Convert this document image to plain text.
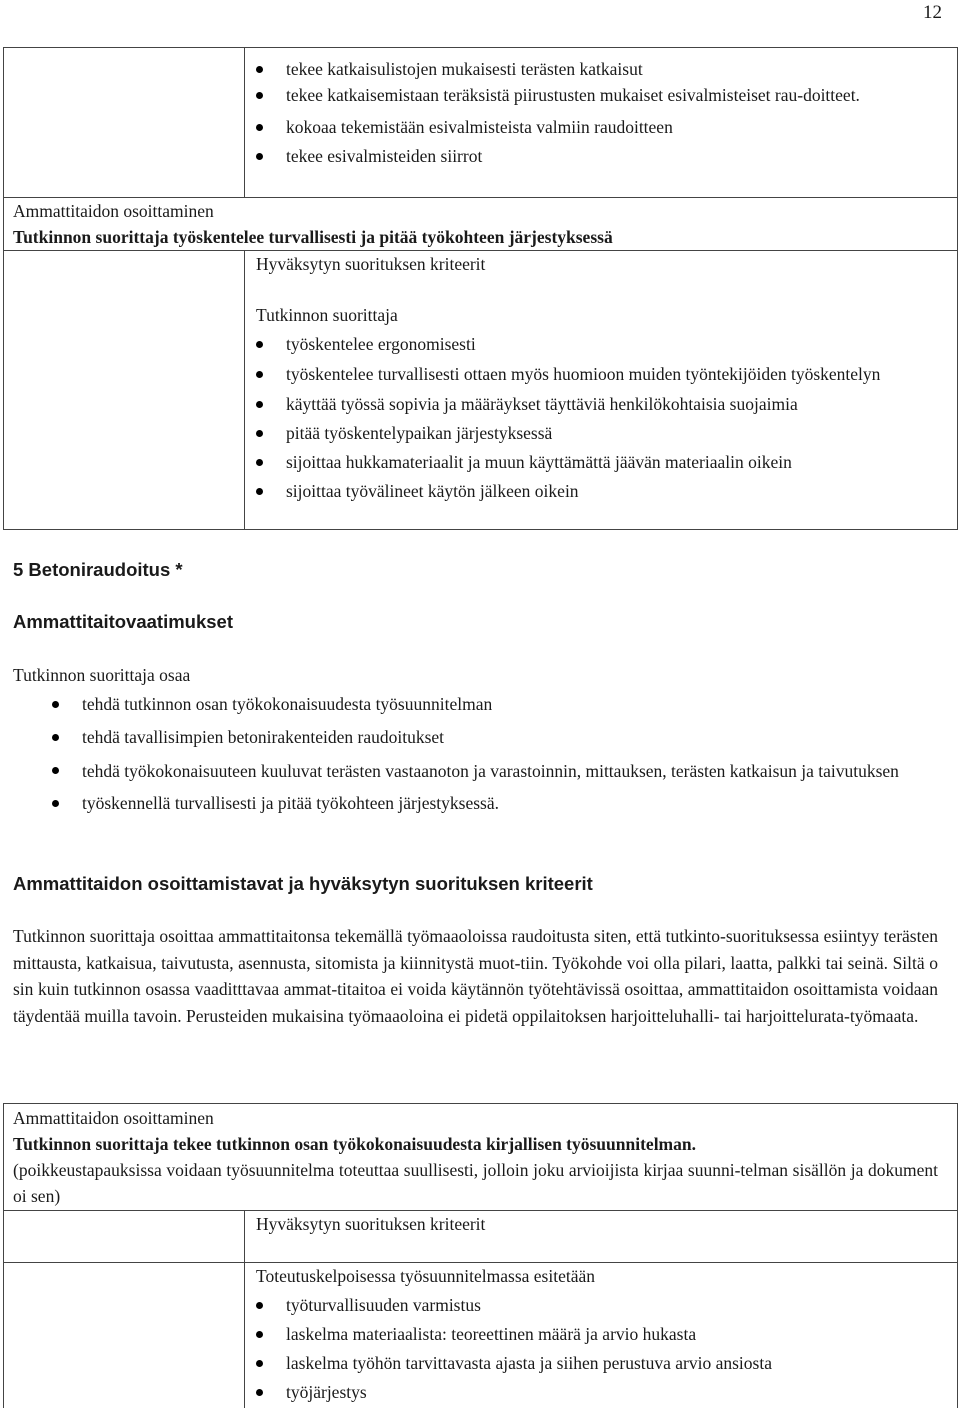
12
tekee katkaisulistojen mukaisesti terästen katkaisut
tekee katkaisemistaan teräksistä piirustusten mukaiset esivalmisteiset rau-doitteet.
kokoaa tekemistään esivalmisteista valmiin raudoitteen
tekee esivalmisteiden siirrot
Ammattitaidon osoittaminen
Tutkinnon suorittaja työskentelee turvallisesti ja pitää työkohteen järjestyksessä
Hyväksytyn suorituksen kriteerit
Tutkinnon suorittaja
työskentelee ergonomisesti
työskentelee turvallisesti ottaen myös huomioon muiden työntekijöiden työskentelyn
käyttää työssä sopivia ja määräykset täyttäviä henkilökohtaisia suojaimia
pitää työskentelypaikan järjestyksessä
sijoittaa hukkamateriaalit ja muun käyttämättä jäävän materiaalin oikein
sijoittaa työvälineet käytön jälkeen oikein
5 Betoniraudoitus *
Ammattitaitovaatimukset
Tutkinnon suorittaja osaa
tehdä tutkinnon osan työkokonaisuudesta työsuunnitelman
tehdä tavallisimpien betonirakenteiden raudoitukset
tehdä työkokonaisuuteen kuuluvat terästen vastaanoton ja varastoinnin, mittauksen, terästen katkaisun ja taivutuksen
työskennellä turvallisesti ja pitää työkohteen järjestyksessä.
Ammattitaidon osoittamistavat ja hyväksytyn suorituksen kriteerit
Tutkinnon suorittaja osoittaa ammattitaitonsa tekemällä työmaaoloissa raudoitusta siten, että tutkinto-suorituksessa esiintyy terästen mittausta, katkaisua, taivutusta, asennusta, sitomista ja kiinnitystä muot-tiin. Työkohde voi olla pilari, laatta, palkki tai seinä. Siltä osin kuin tutkinnon osassa vaaditttavaa ammat-titaitoa ei voida käytännön työtehtävissä osoittaa, ammattitaidon osoittamista voidaan täydentää muilla tavoin. Perusteiden mukaisina työmaaoloina ei pidetä oppilaitoksen harjoitteluhalli- tai harjoittelurata-työmaata.
Ammattitaidon osoittaminen
Tutkinnon suorittaja tekee tutkinnon osan työkokonaisuudesta kirjallisen työsuunnitelman.
(poikkeustapauksissa voidaan työsuunnitelma toteuttaa suullisesti, jolloin joku arvioijista kirjaa suunni-telman sisällön ja dokumentoi sen)
Hyväksytyn suorituksen kriteerit
Toteutuskelpoisessa työsuunnitelmassa esitetään
työturvallisuuden varmistus
laskelma materiaalista: teoreettinen määrä ja arvio hukasta
laskelma työhön tarvittavasta ajasta ja siihen perustuva arvio ansiosta
työjärjestys
